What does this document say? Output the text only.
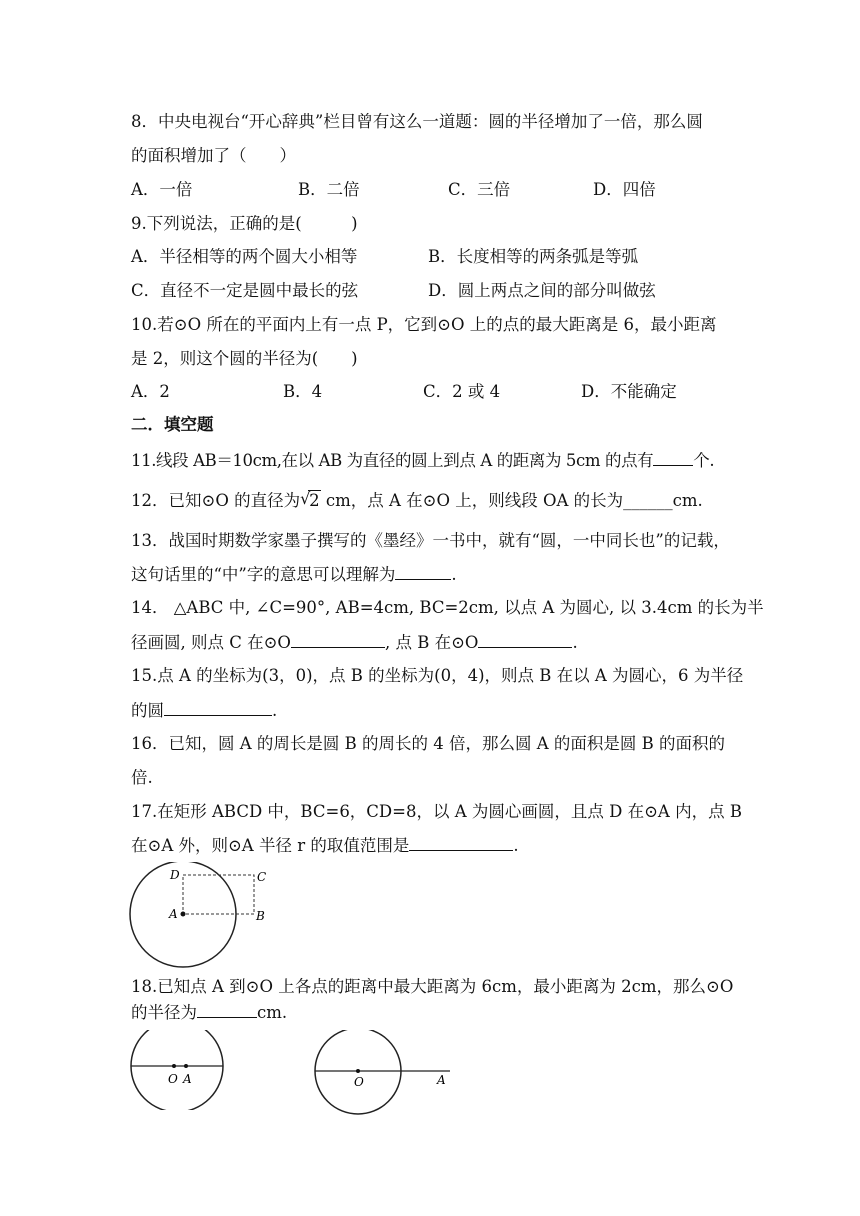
8．中央电视台“开心辞典”栏目曾有这么一道题：圆的半径增加了一倍，那么圆
的面积增加了（　　）
A．一倍	B．二倍	C．三倍	D．四倍
9.下列说法，正确的是(　　　)
A．半径相等的两个圆大小相等	B．长度相等的两条弧是等弧
C．直径不一定是圆中最长的弦	D．圆上两点之间的部分叫做弦
10.若⊙O 所在的平面内上有一点 P，它到⊙O 上的点的最大距离是 6，最小距离
是 2，则这个圆的半径为(　　)
A．2	B．4	C．2 或 4	D．不能确定
二．填空题
11.线段 AB＝10cm,在以 AB 为直径的圆上到点 A 的距离为 5cm 的点有 个.
12．已知⊙O 的直径为 √
2 cm，点 A 在⊙O 上，则线段 OA 的长为______cm.
13．战国时期数学家墨子撰写的《墨经》一书中，就有“圆，一中同长也”的记载，
这句话里的“中”字的意思可以理解为	.
14． △ABC 中, ∠C=90°, AB=4cm, BC=2cm, 以点 A 为圆心, 以 3.4cm 的长为半
径画圆, 则点 C 在⊙O	, 点 B 在⊙O	.
15.点 A 的坐标为(3，0)，点 B 的坐标为(0，4)，则点 B 在以 A 为圆心，6 为半径
的圆	.
16．已知，圆 A 的周长是圆 B 的周长的 4 倍，那么圆 A 的面积是圆 B 的面积的
倍.
17.在矩形 ABCD 中，BC=6，CD=8，以 A 为圆心画圆，且点 D 在⊙A 内，点 B
在⊙A 外，则⊙A 半径 r 的取值范围是	.
D	C
A	B
18.已知点 A 到⊙O 上各点的距离中最大距离为 6cm，最小距离为 2cm，那么⊙O
的半径为	cm.
O A	O	A
